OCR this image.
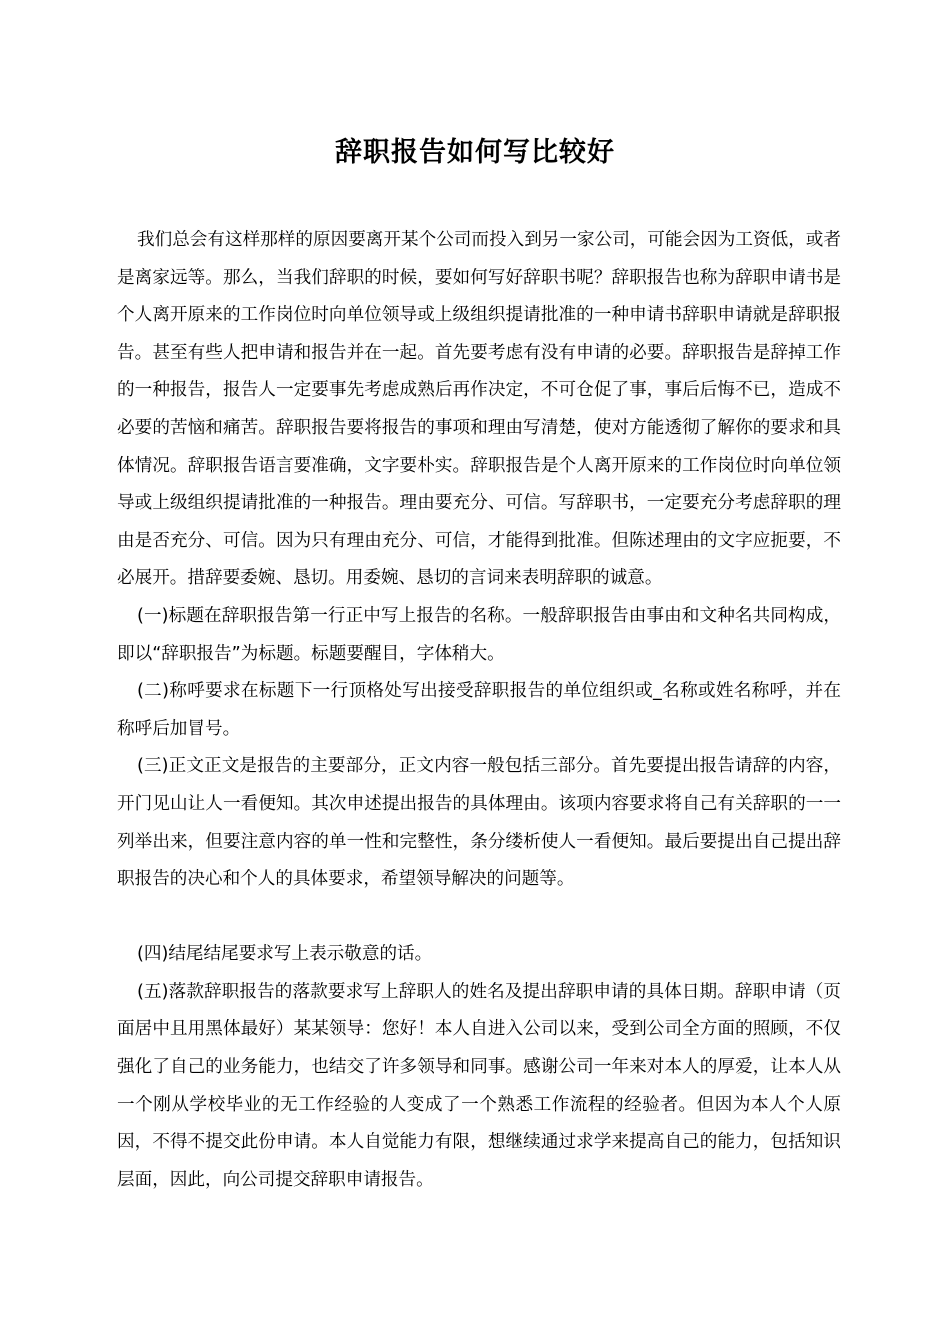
辞职报告如何写比较好

我们总会有这样那样的原因要离开某个公司而投入到另一家公司，可能会因为工资低，或者是离家远等。那么，当我们辞职的时候，要如何写好辞职书呢？辞职报告也称为辞职申请书是个人离开原来的工作岗位时向单位领导或上级组织提请批准的一种申请书辞职申请就是辞职报告。甚至有些人把申请和报告并在一起。首先要考虑有没有申请的必要。辞职报告是辞掉工作的一种报告，报告人一定要事先考虑成熟后再作决定，不可仓促了事，事后后悔不已，造成不必要的苦恼和痛苦。辞职报告要将报告的事项和理由写清楚，使对方能透彻了解你的要求和具体情况。辞职报告语言要准确，文字要朴实。辞职报告是个人离开原来的工作岗位时向单位领导或上级组织提请批准的一种报告。理由要充分、可信。写辞职书，一定要充分考虑辞职的理由是否充分、可信。因为只有理由充分、可信，才能得到批准。但陈述理由的文字应扼要，不必展开。措辞要委婉、恳切。用委婉、恳切的言词来表明辞职的诚意。

(一)标题在辞职报告第一行正中写上报告的名称。一般辞职报告由事由和文种名共同构成，即以“辞职报告”为标题。标题要醒目，字体稍大。

(二)称呼要求在标题下一行顶格处写出接受辞职报告的单位组织或_名称或姓名称呼，并在称呼后加冒号。

(三)正文正文是报告的主要部分，正文内容一般包括三部分。首先要提出报告请辞的内容，开门见山让人一看便知。其次申述提出报告的具体理由。该项内容要求将自己有关辞职的一一列举出来，但要注意内容的单一性和完整性，条分缕析使人一看便知。最后要提出自己提出辞职报告的决心和个人的具体要求，希望领导解决的问题等。

(四)结尾结尾要求写上表示敬意的话。

(五)落款辞职报告的落款要求写上辞职人的姓名及提出辞职申请的具体日期。辞职申请（页面居中且用黑体最好）某某领导：您好！本人自进入公司以来，受到公司全方面的照顾，不仅强化了自己的业务能力，也结交了许多领导和同事。感谢公司一年来对本人的厚爱，让本人从一个刚从学校毕业的无工作经验的人变成了一个熟悉工作流程的经验者。但因为本人个人原因，不得不提交此份申请。本人自觉能力有限，想继续通过求学来提高自己的能力，包括知识层面，因此，向公司提交辞职申请报告。
